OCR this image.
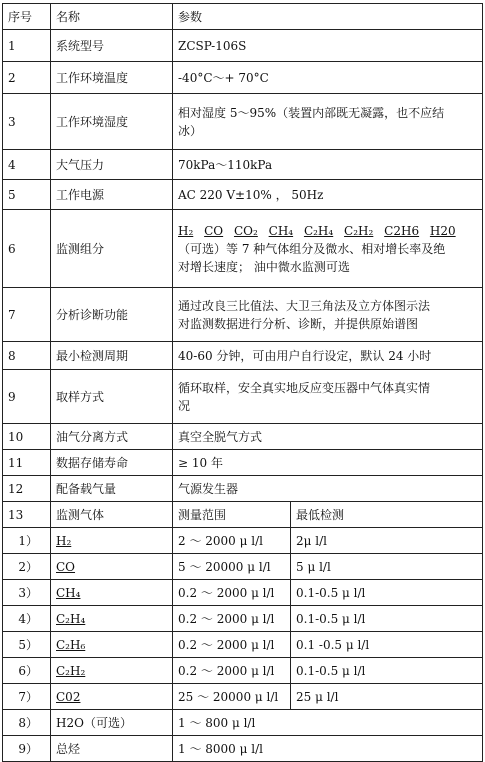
序号	名称	参数	
1	系统型号	ZCSP-106S	
2	工作环境温度	-40°C～+ 70°C	
3	工作环境湿度	相对湿度 5～95%（装置内部既无凝露，也不应结
冰）	

4	大气压力	70kPa～110kPa	
5	工作电源	AC 220 V±10% ， 50Hz	
6	监测组分	H₂ CO CO₂ CH₄ C₂H₄ C₂H₂ C2H6 H20
（可选）等 7 种气体组分及微水、相对增长率及绝
对增长速度； 油中微水监测可选	

7	分析诊断功能	通过改良三比值法、大卫三角法及立方体图示法
对监测数据进行分析、诊断，并提供原始谱图	

8	最小检测周期	40-60 分钟，可由用户自行设定，默认 24 小时	
9	取样方式	循环取样，安全真实地反应变压器中气体真实情
况	

10	油气分离方式	真空全脱气方式	
11	数据存储寿命	≥ 10 年	
12	配备载气量	气源发生器	
13	监测气体	测量范围	最低检测
1）	H₂	2 ～ 2000 μ l/l	2μ l/l
2）	CO	5 ～ 20000 μ l/l	5 μ l/l
3）	CH₄	0.2 ～ 2000 μ l/l	0.1-0.5 μ l/l
4）	C₂H₄	0.2 ～ 2000 μ l/l	0.1-0.5 μ l/l
5）	C₂H₆	0.2 ～ 2000 μ l/l	0.1 -0.5 μ l/l
6）	C₂H₂	0.2 ～ 2000 μ l/l	0.1-0.5 μ l/l
7）	C02	25 ～ 20000 μ l/l	25 μ l/l
8）	H2O（可选）	1 ～ 800 μ l/l	
9）	总烃	1 ～ 8000 μ l/l	
